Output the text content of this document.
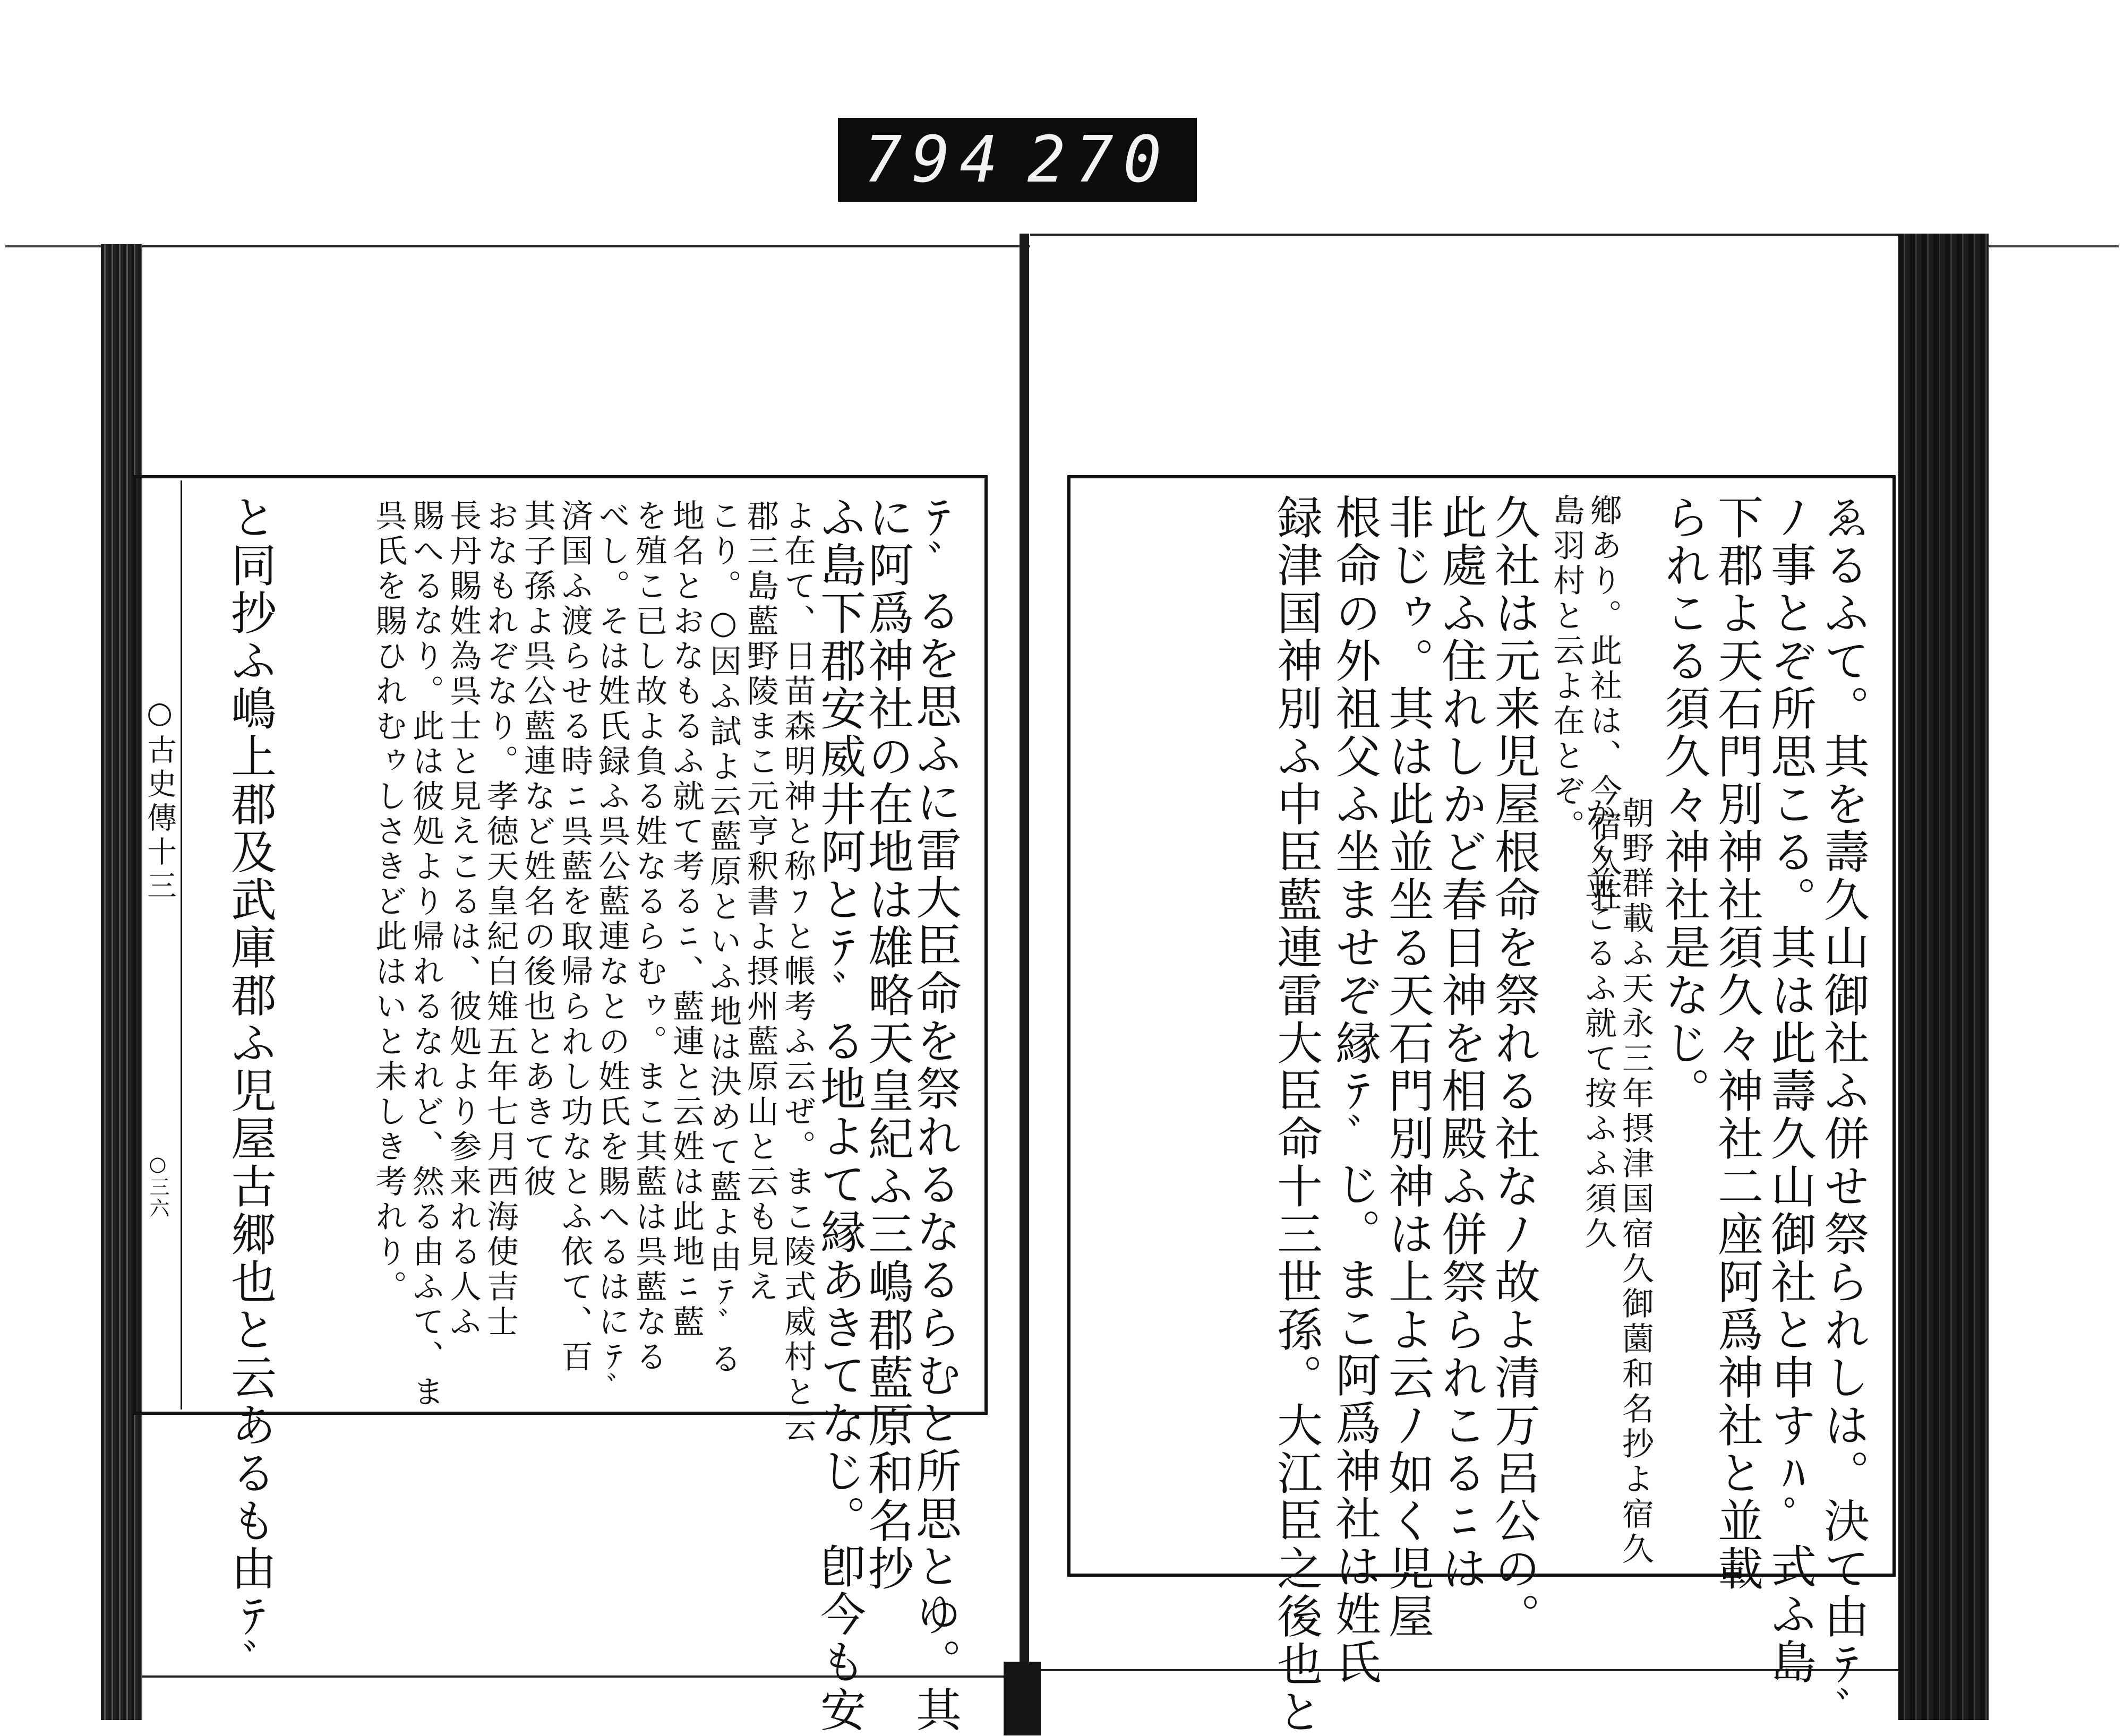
794 270
○古史傳十三
○三六	ﾃﾞるを思ふに雷大臣命を祭れるなるらむと所思とゆ。其
に阿爲神社の在地は雄略天皇紀ふ三嶋郡藍原和名抄
ふ島下郡安威井阿とﾃﾞる地よて縁あきてなじ。卽今も安
よ在て、日苗森明神と称ﾌと帳考ふ云ぜ。まこ陵式威村と云
郡三島藍野陵まこ元亨釈書よ摂州藍原山と云も見え
こり。○因ふ試よ云藍原といふ地は決めて藍よ由ﾃﾞる
地名とおなもるふ就て考るﾆ、藍連と云姓は此地ﾆ藍
を殖こ已し故よ負る姓なるらむゥ。まこ其藍は呉藍なる
べし。そは姓氏録ふ呉公藍連なとの姓氏を賜へるはにﾃﾞ
済国ふ渡らせる時ﾆ呉藍を取帰られし功なとふ依て、百
其子孫よ呉公藍連など姓名の後也とあきて彼
おなもれぞなり。孝徳天皇紀白雉五年七月西海使吉士
長丹賜姓為呉士と見えこるは、彼処より参来れる人ふ
賜へるなり。此は彼処より帰れるなれど、然る由ふて、ま
呉氏を賜ひれむゥしさきど此はいと未しき考れり。
と同抄ふ嶋上郡及武庫郡ふ児屋古郷也と云あるも由ﾃﾞ	ゑるふて。其を壽久山御社ふ併せ祭られしは。決て由ﾃﾞ
ﾉ事とぞ所思こる。其は此壽久山御社と申すﾊﾟ式ふ島
下郡よ天石門別神社須久々神社二座阿爲神社と並載
られこる須久々神社是なじ。
朝野群載ふ天永三年摂津国宿久御薗和名抄よ宿久
かく並こるふ就て按ふふ須久
鄕あり。此社は、今宿久荘
島羽村と云よ在とぞ。
久社は元来児屋根命を祭れる社なﾉ故よ清万呂公の。
此處ふ住れしかど春日神を相殿ふ併祭られこるﾆは
非じゥ。其は此並坐る天石門別神は上よ云ﾉ如く児屋
根命の外祖父ふ坐ませぞ縁ﾃﾞじ。まこ阿爲神社は姓氏
録津国神別ふ中臣藍連雷大臣命十三世孫。大江臣之後也と
